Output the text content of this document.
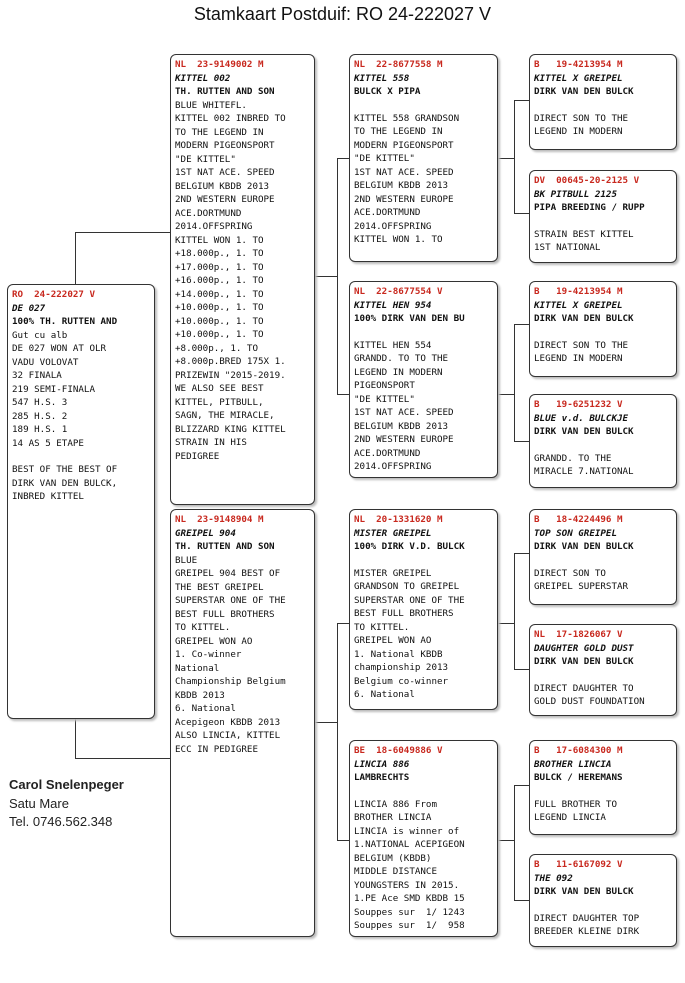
Stamkaart Postduif: RO 24-222027 V
RO  24-222027 V
DE 027
100% TH. RUTTEN AND
Gut cu alb
DE 027 WON AT OLR
VADU VOLOVAT
32 FINALA
219 SEMI-FINALA
547 H.S. 3
285 H.S. 2
189 H.S. 1
14 AS 5 ETAPE
BEST OF THE BEST OF
DIRK VAN DEN BULCK,
INBRED KITTEL
NL  23-9149002 M
KITTEL 002
TH. RUTTEN AND SON
BLUE WHITEFL.
KITTEL 002 INBRED TO
TO THE LEGEND IN
MODERN PIGEONSPORT
"DE KITTEL"
1ST NAT ACE. SPEED
BELGIUM KBDB 2013
2ND WESTERN EUROPE
ACE.DORTMUND
2014.OFFSPRING
KITTEL WON 1. TO
+18.000p., 1. TO
+17.000p., 1. TO
+16.000p., 1. TO
+14.000p., 1. TO
+10.000p., 1. TO
+10.000p., 1. TO
+10.000p., 1. TO
+8.000p., 1. TO
+8.000p.BRED 175X 1.
PRIZEWIN "2015-2019.
WE ALSO SEE BEST
KITTEL, PITBULL,
SAGN, THE MIRACLE,
BLIZZARD KING KITTEL
STRAIN IN HIS
PEDIGREE
NL  23-9148904 M
GREIPEL 904
TH. RUTTEN AND SON
BLUE
GREIPEL 904 BEST OF
THE BEST GREIPEL
SUPERSTAR ONE OF THE
BEST FULL BROTHERS
TO KITTEL.
GREIPEL WON AO
1. Co-winner
National
Championship Belgium
KBDB 2013
6. National
Acepigeon KBDB 2013
ALSO LINCIA, KITTEL
ECC IN PEDIGREE
NL  22-8677558 M
KITTEL 558
BULCK X PIPA
KITTEL 558 GRANDSON
TO THE LEGEND IN
MODERN PIGEONSPORT
"DE KITTEL"
1ST NAT ACE. SPEED
BELGIUM KBDB 2013
2ND WESTERN EUROPE
ACE.DORTMUND
2014.OFFSPRING
KITTEL WON 1. TO
NL  22-8677554 V
KITTEL HEN 954
100% DIRK VAN DEN BU
KITTEL HEN 554
GRANDD. TO TO THE
LEGEND IN MODERN
PIGEONSPORT
"DE KITTEL"
1ST NAT ACE. SPEED
BELGIUM KBDB 2013
2ND WESTERN EUROPE
ACE.DORTMUND
2014.OFFSPRING
NL  20-1331620 M
MISTER GREIPEL
100% DIRK V.D. BULCK
MISTER GREIPEL
GRANDSON TO GREIPEL
SUPERSTAR ONE OF THE
BEST FULL BROTHERS
TO KITTEL.
GREIPEL WON AO
1. National KBDB
championship 2013
Belgium co-winner
6. National
BE  18-6049886 V
LINCIA 886
LAMBRECHTS
LINCIA 886 From
BROTHER LINCIA
LINCIA is winner of
1.NATIONAL ACEPIGEON
BELGIUM (KBDB)
MIDDLE DISTANCE
YOUNGSTERS IN 2015.
1.PE Ace SMD KBDB 15
Souppes sur  1/ 1243
Souppes sur  1/  958
B   19-4213954 M
KITTEL X GREIPEL
DIRK VAN DEN BULCK
DIRECT SON TO THE
LEGEND IN MODERN
DV  00645-20-2125 V
BK PITBULL 2125
PIPA BREEDING / RUPP
STRAIN BEST KITTEL
1ST NATIONAL
B   19-4213954 M
KITTEL X GREIPEL
DIRK VAN DEN BULCK
DIRECT SON TO THE
LEGEND IN MODERN
B   19-6251232 V
BLUE v.d. BULCKJE
DIRK VAN DEN BULCK
GRANDD. TO THE
MIRACLE 7.NATIONAL
B   18-4224496 M
TOP SON GREIPEL
DIRK VAN DEN BULCK
DIRECT SON TO
GREIPEL SUPERSTAR
NL  17-1826067 V
DAUGHTER GOLD DUST
DIRK VAN DEN BULCK
DIRECT DAUGHTER TO
GOLD DUST FOUNDATION
B   17-6084300 M
BROTHER LINCIA
BULCK / HEREMANS
FULL BROTHER TO
LEGEND LINCIA
B   11-6167092 V
THE 092
DIRK VAN DEN BULCK
DIRECT DAUGHTER TOP
BREEDER KLEINE DIRK
Carol Snelenpeger
Satu Mare
Tel. 0746.562.348
